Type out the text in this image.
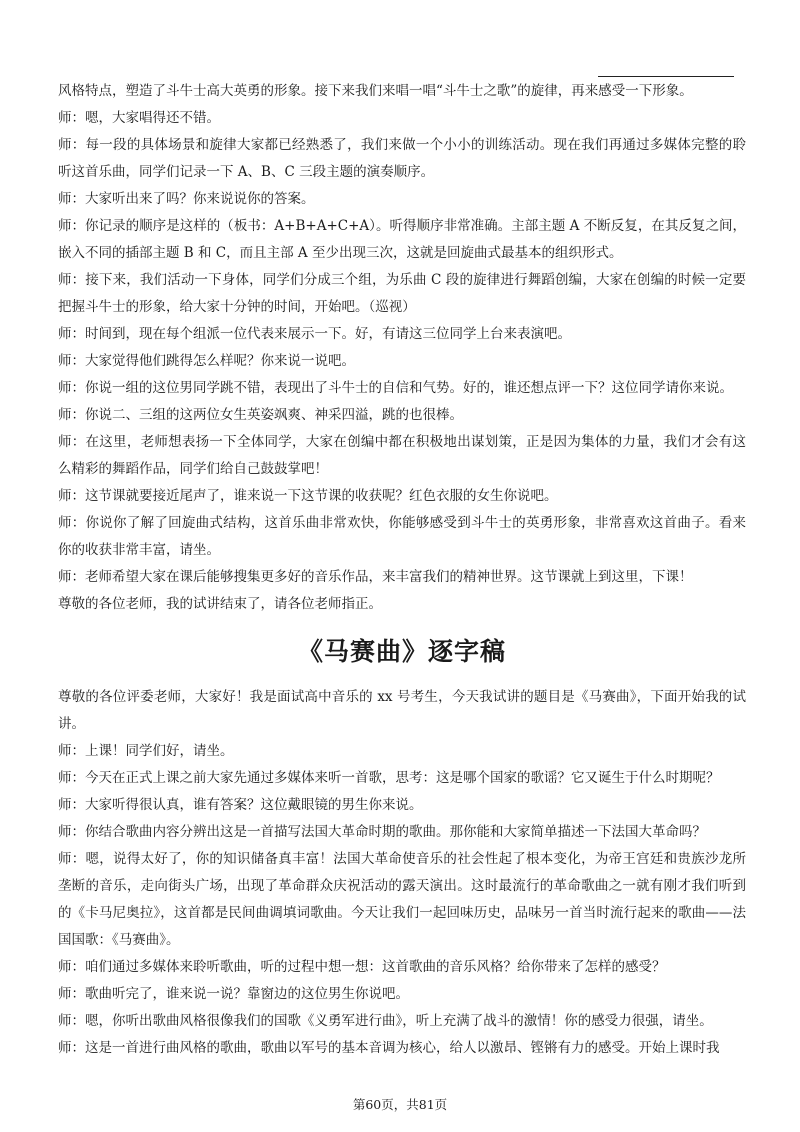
风格特点，塑造了斗牛士高大英勇的形象。接下来我们来唱一唱“斗牛士之歌”的旋律，再来感受一下形象。

师：嗯，大家唱得还不错。

师：每一段的具体场景和旋律大家都已经熟悉了，我们来做一个小小的训练活动。现在我们再通过多媒体完整的聆听这首乐曲，同学们记录一下 A、B、C 三段主题的演奏顺序。

师：大家听出来了吗？你来说说你的答案。

师：你记录的顺序是这样的（板书：A+B+A+C+A）。听得顺序非常准确。主部主题 A 不断反复，在其反复之间，嵌入不同的插部主题 B 和 C，而且主部 A 至少出现三次，这就是回旋曲式最基本的组织形式。

师：接下来，我们活动一下身体，同学们分成三个组，为乐曲 C 段的旋律进行舞蹈创编，大家在创编的时候一定要把握斗牛士的形象，给大家十分钟的时间，开始吧。（巡视）

师：时间到，现在每个组派一位代表来展示一下。好，有请这三位同学上台来表演吧。

师：大家觉得他们跳得怎么样呢？你来说一说吧。

师：你说一组的这位男同学跳不错，表现出了斗牛士的自信和气势。好的，谁还想点评一下？这位同学请你来说。

师：你说二、三组的这两位女生英姿飒爽、神采四溢，跳的也很棒。

师：在这里，老师想表扬一下全体同学，大家在创编中都在积极地出谋划策，正是因为集体的力量，我们才会有这么精彩的舞蹈作品，同学们给自己鼓鼓掌吧！

师：这节课就要接近尾声了，谁来说一下这节课的收获呢？红色衣服的女生你说吧。

师：你说你了解了回旋曲式结构，这首乐曲非常欢快，你能够感受到斗牛士的英勇形象，非常喜欢这首曲子。看来你的收获非常丰富，请坐。

师：老师希望大家在课后能够搜集更多好的音乐作品，来丰富我们的精神世界。这节课就上到这里，下课！

尊敬的各位老师，我的试讲结束了，请各位老师指正。

《马赛曲》逐字稿

尊敬的各位评委老师，大家好！我是面试高中音乐的 xx 号考生，今天我试讲的题目是《马赛曲》，下面开始我的试讲。

师：上课！同学们好，请坐。

师：今天在正式上课之前大家先通过多媒体来听一首歌，思考：这是哪个国家的歌谣？它又诞生于什么时期呢？

师：大家听得很认真，谁有答案？这位戴眼镜的男生你来说。

师：你结合歌曲内容分辨出这是一首描写法国大革命时期的歌曲。那你能和大家简单描述一下法国大革命吗？

师：嗯，说得太好了，你的知识储备真丰富！法国大革命使音乐的社会性起了根本变化，为帝王宫廷和贵族沙龙所垄断的音乐，走向街头广场，出现了革命群众庆祝活动的露天演出。这时最流行的革命歌曲之一就有刚才我们听到的《卡马尼奥拉》，这首都是民间曲调填词歌曲。今天让我们一起回味历史，品味另一首当时流行起来的歌曲——法国国歌：《马赛曲》。

师：咱们通过多媒体来聆听歌曲，听的过程中想一想：这首歌曲的音乐风格？给你带来了怎样的感受？

师：歌曲听完了，谁来说一说？靠窗边的这位男生你说吧。

师：嗯，你听出歌曲风格很像我们的国歌《义勇军进行曲》，听上充满了战斗的激情！你的感受力很强，请坐。

师：这是一首进行曲风格的歌曲，歌曲以军号的基本音调为核心，给人以激昂、铿锵有力的感受。开始上课时我

第60页，共81页
